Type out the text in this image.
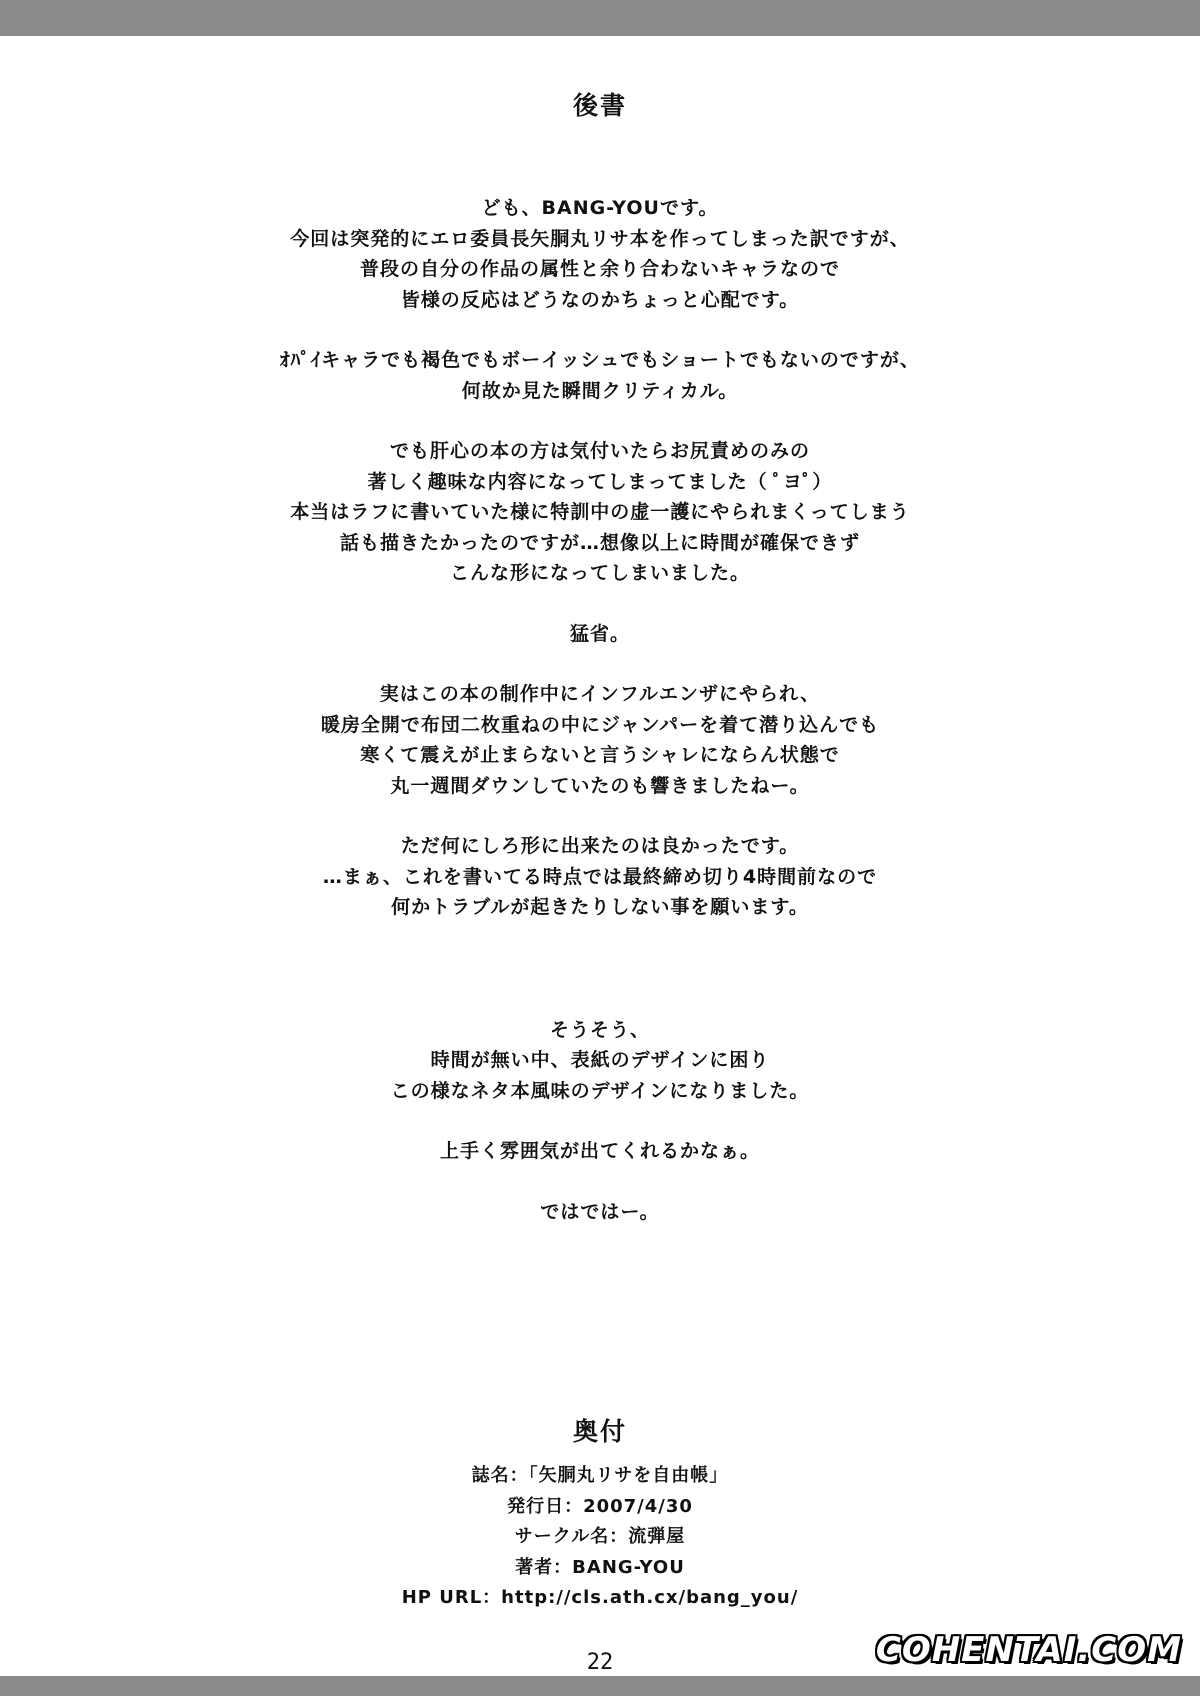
後書
ども、BANG-YOUです。
今回は突発的にエロ委員長矢胴丸リサ本を作ってしまった訳ですが、
普段の自分の作品の属性と余り合わないキャラなので
皆様の反応はどうなのかちょっと心配です。
ｵﾊﾟｲキャラでも褐色でもボーイッシュでもショートでもないのですが、
何故か見た瞬間クリティカル。
でも肝心の本の方は気付いたらお尻責めのみの
著しく趣味な内容になってしまってました（ ﾟヨﾟ）
本当はラフに書いていた様に特訓中の虚一護にやられまくってしまう
話も描きたかったのですが…想像以上に時間が確保できず
こんな形になってしまいました。
猛省。
実はこの本の制作中にインフルエンザにやられ、
暖房全開で布団二枚重ねの中にジャンパーを着て潜り込んでも
寒くて震えが止まらないと言うシャレにならん状態で
丸一週間ダウンしていたのも響きましたねー。
ただ何にしろ形に出来たのは良かったです。
…まぁ、これを書いてる時点では最終締め切り4時間前なので
何かトラブルが起きたりしない事を願います。
そうそう、
時間が無い中、表紙のデザインに困り
この様なネタ本風味のデザインになりました。
上手く雰囲気が出てくれるかなぁ。
ではではー。
奥付
誌名：「矢胴丸リサを自由帳」
発行日：2007/4/30
サークル名：流弾屋
著者：BANG-YOU
HP URL：http://cls.ath.cx/bang_you/
22	COHENTAI.COM
